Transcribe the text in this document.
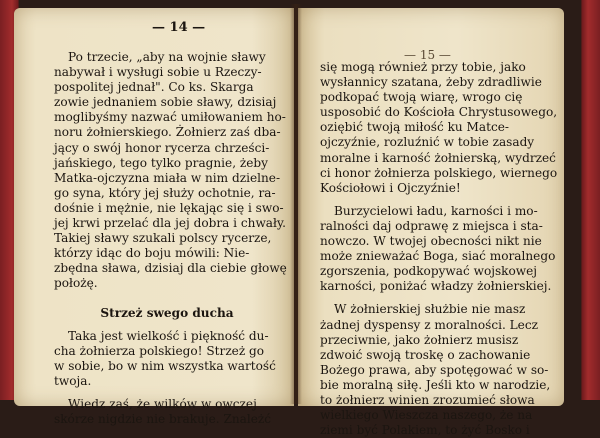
— 14 —
Po trzecie, „aby na wojnie sławy
nabywał i wysługi sobie u Rzeczy-
pospolitej jednał". Co ks. Skarga
zowie jednaniem sobie sławy, dzisiaj
moglibyśmy nazwać umiłowaniem ho-
noru żołnierskiego. Żołnierz zaś dba-
jący o swój honor rycerza chrześci-
jańskiego, tego tylko pragnie, żeby
Matka-ojczyzna miała w nim dzielne-
go syna, który jej służy ochotnie, ra-
dośnie i mężnie, nie lękając się i swo-
jej krwi przelać dla jej dobra i chwały.
Takiej sławy szukali polscy rycerze,
którzy idąc do boju mówili: Nie-
zbędna sława, dzisiaj dla ciebie głowę
położę.
Strzeż swego ducha
Taka jest wielkość i piękność du-
cha żołnierza polskiego! Strzeż go
w sobie, bo w nim wszystka wartość
twoja.
Wiedz zaś, że wilków w owczej
skórze nigdzie nie brakuje. Znależć
— 15 —
się mogą również przy tobie, jako
wysłannicy szatana, żeby zdradliwie
podkopać twoją wiarę, wrogo cię
usposobić do Kościoła Chrystusowego,
oziębić twoją miłość ku Matce-
ojczyźnie, rozluźnić w tobie zasady
moralne i karność żołnierską, wydrzeć
ci honor żołnierza polskiego, wiernego
Kościołowi i Ojczyźnie!
Burzycielowi ładu, karności i mo-
ralności daj odprawę z miejsca i sta-
nowczo. W twojej obecności nikt nie
może znieważać Boga, siać moralnego
zgorszenia, podkopywać wojskowej
karności, poniżać władzy żołnierskiej.
W żołnierskiej służbie nie masz
żadnej dyspensy z moralności. Lecz
przeciwnie, jako żołnierz musisz
zdwoić swoją troskę o zachowanie
Bożego prawa, aby spotęgować w so-
bie moralną siłę. Jeśli kto w narodzie,
to żołnierz winien zrozumieć słowa
wielkiego Wieszcza naszego, że na
ziemi być Polakiem, to żyć Bosko i
